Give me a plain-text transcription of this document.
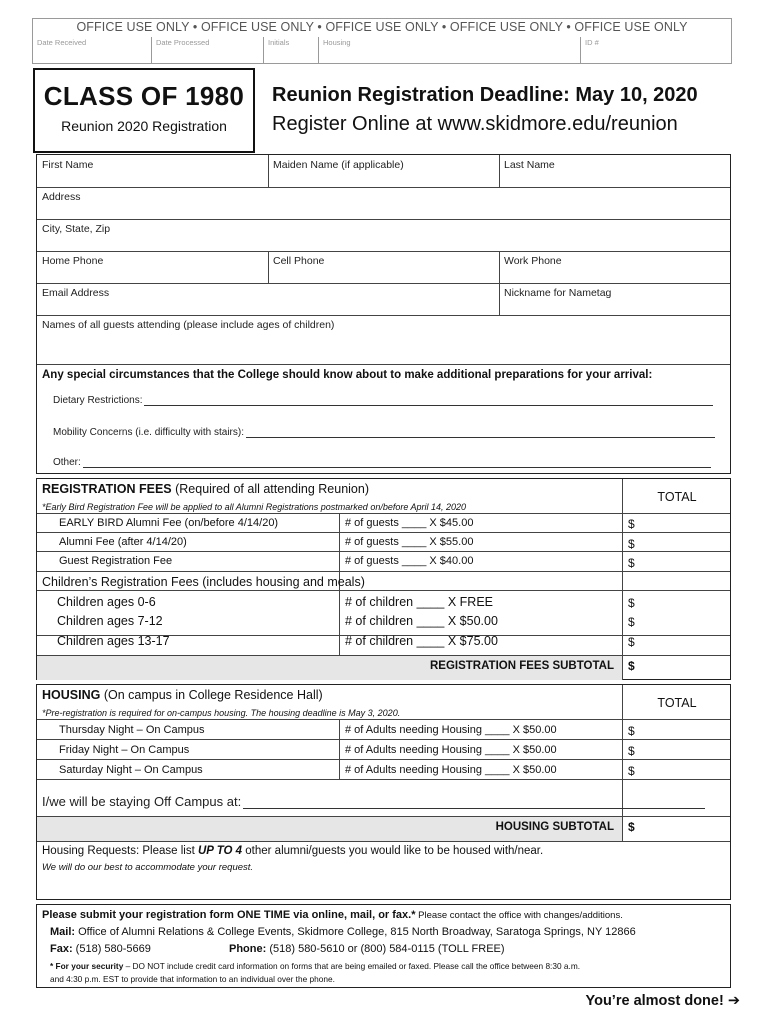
OFFICE USE ONLY • OFFICE USE ONLY • OFFICE USE ONLY • OFFICE USE ONLY • OFFICE USE ONLY
Date Received	Date Processed	Initials	Housing	ID #
CLASS OF 1980
Reunion 2020 Registration
Reunion Registration Deadline: May 10, 2020
Register Online at www.skidmore.edu/reunion
First Name	Maiden Name (if applicable)	Last Name
Address
City, State, Zip
Home Phone	Cell Phone	Work Phone
Email Address	Nickname for Nametag
Names of all guests attending (please include ages of children)
Any special circumstances that the College should know about to make additional preparations for your arrival:
Dietary Restrictions:
Mobility Concerns (i.e. difficulty with stairs):
Other:
REGISTRATION FEES (Required of all attending Reunion)
*Early Bird Registration Fee will be applied to all Alumni Registrations postmarked on/before April 14, 2020
TOTAL
EARLY BIRD Alumni Fee (on/before 4/14/20)	# of guests ____ X $45.00	$
Alumni Fee (after 4/14/20)	# of guests ____ X $55.00	$
Guest Registration Fee	# of guests ____ X $40.00	$
Children’s Registration Fees (includes housing and meals)
Children ages 0-6	# of children ____ X FREE	$
Children ages 7-12	# of children ____ X $50.00	$
Children ages 13-17	# of children ____ X $75.00	$
REGISTRATION FEES SUBTOTAL $
HOUSING (On campus in College Residence Hall)
*Pre-registration is required for on-campus housing. The housing deadline is May 3, 2020.
TOTAL
Thursday Night – On Campus	# of Adults needing Housing ____ X $50.00	$
Friday Night – On Campus	# of Adults needing Housing ____ X $50.00	$
Saturday Night – On Campus	# of Adults needing Housing ____ X $50.00	$
I/we will be staying Off Campus at:
HOUSING SUBTOTAL $
Housing Requests: Please list UP TO 4 other alumni/guests you would like to be housed with/near.
We will do our best to accommodate your request.
Please submit your registration form ONE TIME via online, mail, or fax.* Please contact the office with changes/additions.
Mail: Office of Alumni Relations & College Events, Skidmore College, 815 North Broadway, Saratoga Springs, NY 12866
Fax: (518) 580-5669	Phone: (518) 580-5610 or (800) 584-0115 (TOLL FREE)
* For your security – DO NOT include credit card information on forms that are being emailed or faxed. Please call the office between 8:30 a.m.
and 4:30 p.m. EST to provide that information to an individual over the phone.
You’re almost done! ➔
